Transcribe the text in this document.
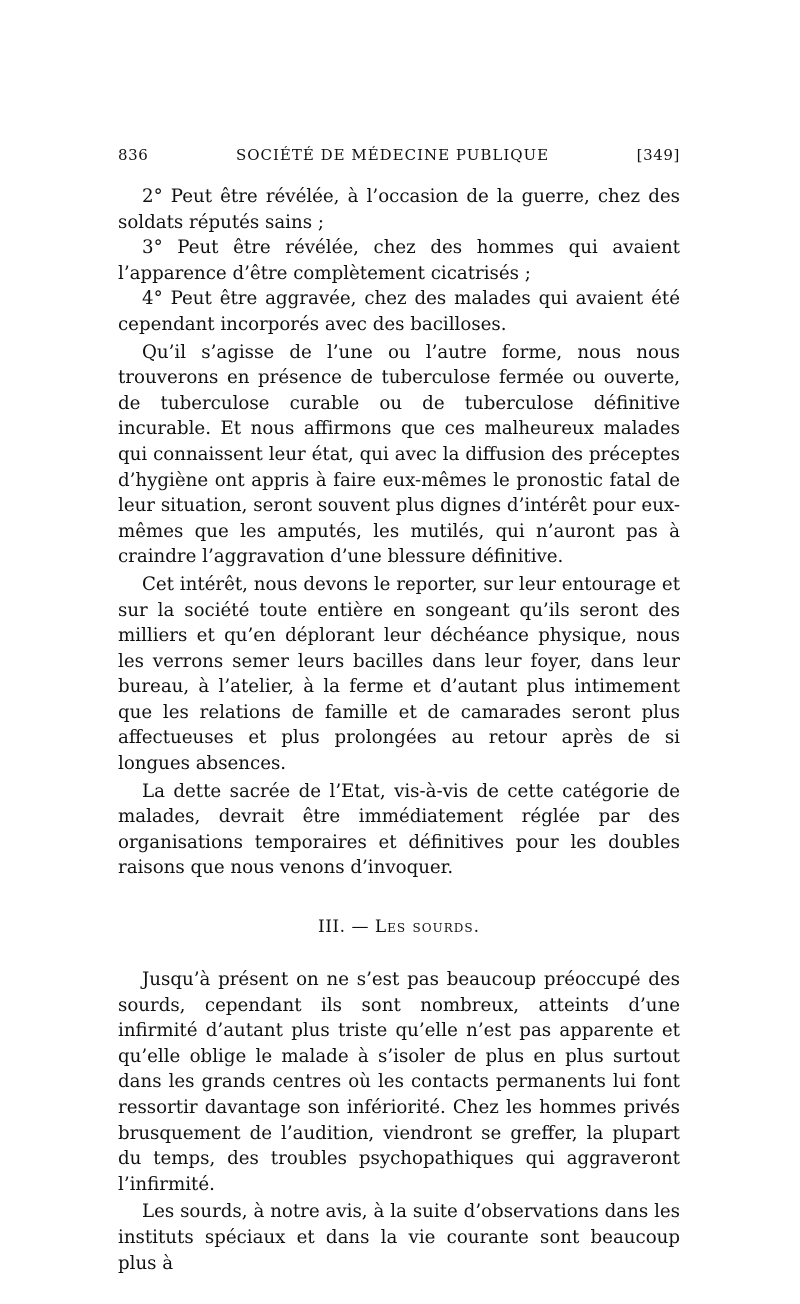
836	SOCIÉTÉ DE MÉDECINE PUBLIQUE	[349]

2° Peut être révélée, à l’occasion de la guerre, chez des soldats réputés sains ;

3° Peut être révélée, chez des hommes qui avaient l’apparence d’être complètement cicatrisés ;

4° Peut être aggravée, chez des malades qui avaient été cependant incorporés avec des bacilloses.

Qu’il s’agisse de l’une ou l’autre forme, nous nous trouverons en présence de tuberculose fermée ou ouverte, de tuberculose curable ou de tuberculose définitive incurable. Et nous affirmons que ces malheureux malades qui connaissent leur état, qui avec la diffusion des préceptes d’hygiène ont appris à faire eux-mêmes le pronostic fatal de leur situation, seront souvent plus dignes d’intérêt pour eux-mêmes que les amputés, les mutilés, qui n’auront pas à craindre l’aggravation d’une blessure définitive.

Cet intérêt, nous devons le reporter, sur leur entourage et sur la société toute entière en songeant qu’ils seront des milliers et qu’en déplorant leur déchéance physique, nous les verrons semer leurs bacilles dans leur foyer, dans leur bureau, à l’atelier, à la ferme et d’autant plus intimement que les relations de famille et de camarades seront plus affectueuses et plus prolongées au retour après de si longues absences.

La dette sacrée de l’Etat, vis-à-vis de cette catégorie de malades, devrait être immédiatement réglée par des organisations temporaires et définitives pour les doubles raisons que nous venons d’invoquer.

III. — Les sourds.

Jusqu’à présent on ne s’est pas beaucoup préoccupé des sourds, cependant ils sont nombreux, atteints d’une infirmité d’autant plus triste qu’elle n’est pas apparente et qu’elle oblige le malade à s’isoler de plus en plus surtout dans les grands centres où les contacts permanents lui font ressortir davantage son infériorité. Chez les hommes privés brusquement de l’audition, viendront se greffer, la plupart du temps, des troubles psychopathiques qui aggraveront l’infirmité.

Les sourds, à notre avis, à la suite d’observations dans les instituts spéciaux et dans la vie courante sont beaucoup plus à
